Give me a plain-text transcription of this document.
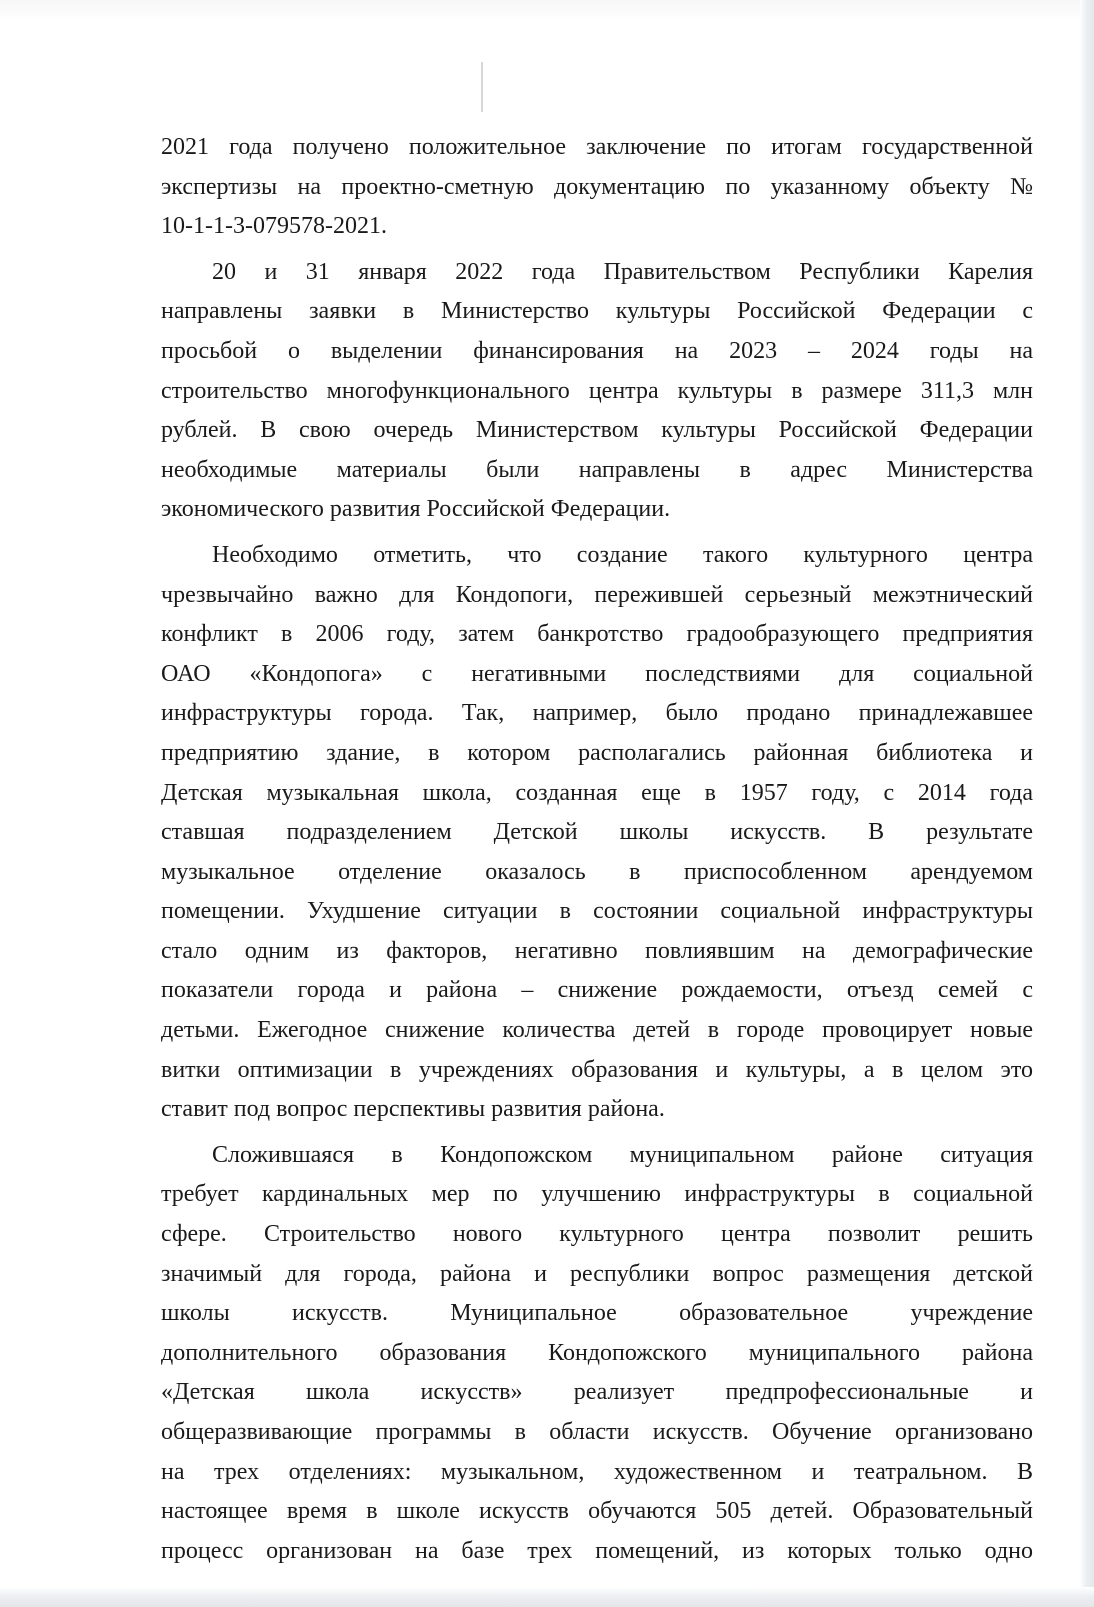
2021 года получено положительное заключение по итогам государственной
экспертизы на проектно-сметную документацию по указанному объекту №
10-1-1-3-079578-2021.

20 и 31 января 2022 года Правительством Республики Карелия
направлены заявки в Министерство культуры Российской Федерации с
просьбой о выделении финансирования на 2023 – 2024 годы на
строительство многофункционального центра культуры в размере 311,3 млн
рублей. В свою очередь Министерством культуры Российской Федерации
необходимые материалы были направлены в адрес Министерства
экономического развития Российской Федерации.

Необходимо отметить, что создание такого культурного центра
чрезвычайно важно для Кондопоги, пережившей серьезный межэтнический
конфликт в 2006 году, затем банкротство градообразующего предприятия
ОАО «Кондопога» с негативными последствиями для социальной
инфраструктуры города. Так, например, было продано принадлежавшее
предприятию здание, в котором располагались районная библиотека и
Детская музыкальная школа, созданная еще в 1957 году, с 2014 года
ставшая подразделением Детской школы искусств. В результате
музыкальное отделение оказалось в приспособленном арендуемом
помещении. Ухудшение ситуации в состоянии социальной инфраструктуры
стало одним из факторов, негативно повлиявшим на демографические
показатели города и района – снижение рождаемости, отъезд семей с
детьми. Ежегодное снижение количества детей в городе провоцирует новые
витки оптимизации в учреждениях образования и культуры, а в целом это
ставит под вопрос перспективы развития района.

Сложившаяся в Кондопожском муниципальном районе ситуация
требует кардинальных мер по улучшению инфраструктуры в социальной
сфере. Строительство нового культурного центра позволит решить
значимый для города, района и республики вопрос размещения детской
школы искусств. Муниципальное образовательное учреждение
дополнительного образования Кондопожского муниципального района
«Детская школа искусств» реализует предпрофессиональные и
общеразвивающие программы в области искусств. Обучение организовано
на трех отделениях: музыкальном, художественном и театральном. В
настоящее время в школе искусств обучаются 505 детей. Образовательный
процесс организован на базе трех помещений, из которых только одно
